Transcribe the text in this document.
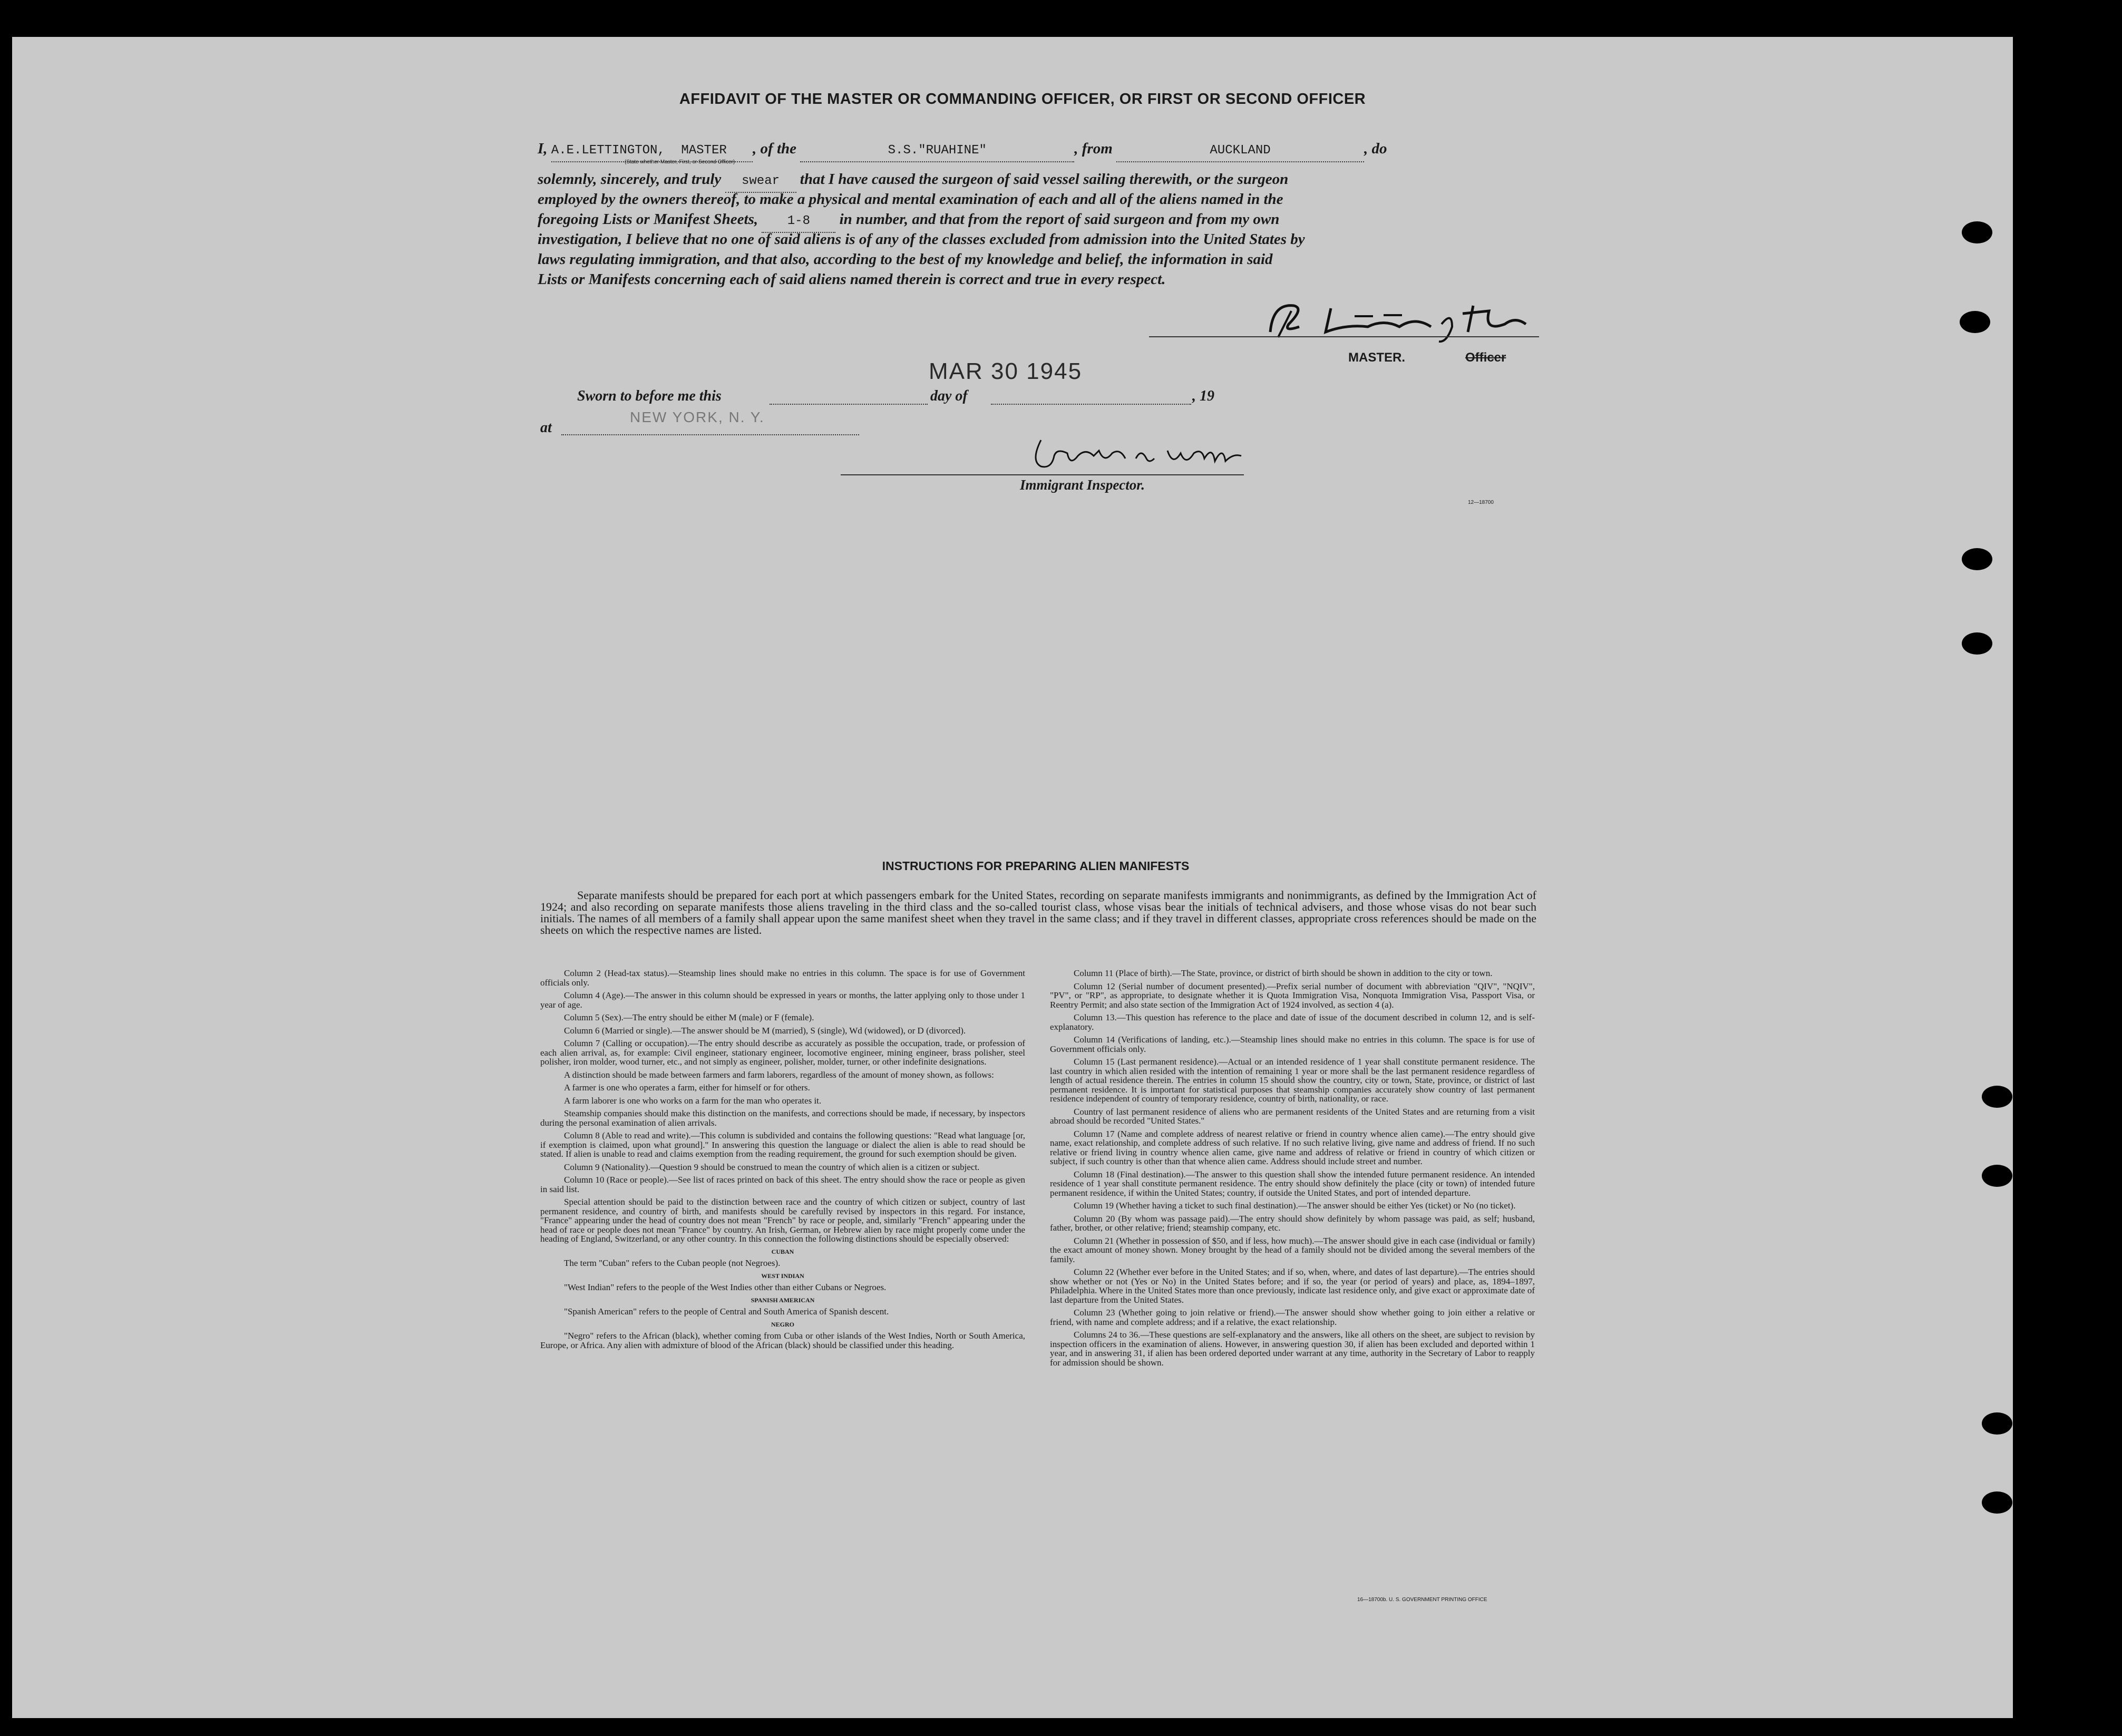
AFFIDAVIT OF THE MASTER OR COMMANDING OFFICER, OR FIRST OR SECOND OFFICER
I, A.E.LETTINGTON, MASTER , of the	S.S."RUAHINE"	, from	AUCKLAND	, do
(State whether Master, First, or Second Officer)
solemnly, sincerely, and truly swear that I have caused the surgeon of said vessel sailing therewith, or the surgeon
employed by the owners thereof, to make a physical and mental examination of each and all of the aliens named in the
foregoing Lists or Manifest Sheets, 1-8 in number, and that from the report of said surgeon and from my own
investigation, I believe that no one of said aliens is of any of the classes excluded from admission into the United States by
laws regulating immigration, and that also, according to the best of my knowledge and belief, the information in said
Lists or Manifests concerning each of said aliens named therein is correct and true in every respect.
MASTER.	Officer
MAR 30 1945
Sworn to before me this	day of	, 19
at
NEW YORK, N. Y.
Immigrant Inspector.
12—18700
INSTRUCTIONS FOR PREPARING ALIEN MANIFESTS
Separate manifests should be prepared for each port at which passengers embark for the United States, recording on separate manifests immigrants and nonimmigrants, as defined by the Immigration Act of 1924; and also recording on separate manifests those aliens traveling in the third class and the so-called tourist class, whose visas bear the initials of technical advisers, and those whose visas do not bear such initials. The names of all members of a family shall appear upon the same manifest sheet when they travel in the same class; and if they travel in different classes, appropriate cross references should be made on the sheets on which the respective names are listed.

Column 2 (Head-tax status).—Steamship lines should make no entries in this column. The space is for use of Government officials only.

Column 4 (Age).—The answer in this column should be expressed in years or months, the latter applying only to those under 1 year of age.

Column 5 (Sex).—The entry should be either M (male) or F (female).

Column 6 (Married or single).—The answer should be M (married), S (single), Wd (widowed), or D (divorced).

Column 7 (Calling or occupation).—The entry should describe as accurately as possible the occupation, trade, or profession of each alien arrival, as, for example: Civil engineer, stationary engineer, locomotive engineer, mining engineer, brass polisher, steel polisher, iron molder, wood turner, etc., and not simply as engineer, polisher, molder, turner, or other indefinite designations.

A distinction should be made between farmers and farm laborers, regardless of the amount of money shown, as follows:

A farmer is one who operates a farm, either for himself or for others.

A farm laborer is one who works on a farm for the man who operates it.

Steamship companies should make this distinction on the manifests, and corrections should be made, if necessary, by inspectors during the personal examination of alien arrivals.

Column 8 (Able to read and write).—This column is subdivided and contains the following questions: "Read what language [or, if exemption is claimed, upon what ground]." In answering this question the language or dialect the alien is able to read should be stated. If alien is unable to read and claims exemption from the reading requirement, the ground for such exemption should be given.

Column 9 (Nationality).—Question 9 should be construed to mean the country of which alien is a citizen or subject.

Column 10 (Race or people).—See list of races printed on back of this sheet. The entry should show the race or people as given in said list.

Special attention should be paid to the distinction between race and the country of which citizen or subject, country of last permanent residence, and country of birth, and manifests should be carefully revised by inspectors in this regard. For instance, "France" appearing under the head of country does not mean "French" by race or people, and, similarly "French" appearing under the head of race or people does not mean "France" by country. An Irish, German, or Hebrew alien by race might properly come under the heading of England, Switzerland, or any other country. In this connection the following distinctions should be especially observed:

CUBAN

The term "Cuban" refers to the Cuban people (not Negroes).

WEST INDIAN

"West Indian" refers to the people of the West Indies other than either Cubans or Negroes.

SPANISH AMERICAN

"Spanish American" refers to the people of Central and South America of Spanish descent.

NEGRO

"Negro" refers to the African (black), whether coming from Cuba or other islands of the West Indies, North or South America, Europe, or Africa. Any alien with admixture of blood of the African (black) should be classified under this heading.

Column 11 (Place of birth).—The State, province, or district of birth should be shown in addition to the city or town.

Column 12 (Serial number of document presented).—Prefix serial number of document with abbreviation "QIV", "NQIV", "PV", or "RP", as appropriate, to designate whether it is Quota Immigration Visa, Nonquota Immigration Visa, Passport Visa, or Reentry Permit; and also state section of the Immigration Act of 1924 involved, as section 4 (a).

Column 13.—This question has reference to the place and date of issue of the document described in column 12, and is self-explanatory.

Column 14 (Verifications of landing, etc.).—Steamship lines should make no entries in this column. The space is for use of Government officials only.

Column 15 (Last permanent residence).—Actual or an intended residence of 1 year shall constitute permanent residence. The last country in which alien resided with the intention of remaining 1 year or more shall be the last permanent residence regardless of length of actual residence therein. The entries in column 15 should show the country, city or town, State, province, or district of last permanent residence. It is important for statistical purposes that steamship companies accurately show country of last permanent residence independent of country of temporary residence, country of birth, nationality, or race.

Country of last permanent residence of aliens who are permanent residents of the United States and are returning from a visit abroad should be recorded "United States."

Column 17 (Name and complete address of nearest relative or friend in country whence alien came).—The entry should give name, exact relationship, and complete address of such relative. If no such relative living, give name and address of friend. If no such relative or friend living in country whence alien came, give name and address of relative or friend in country of which citizen or subject, if such country is other than that whence alien came. Address should include street and number.

Column 18 (Final destination).—The answer to this question shall show the intended future permanent residence. An intended residence of 1 year shall constitute permanent residence. The entry should show definitely the place (city or town) of intended future permanent residence, if within the United States; country, if outside the United States, and port of intended departure.

Column 19 (Whether having a ticket to such final destination).—The answer should be either Yes (ticket) or No (no ticket).

Column 20 (By whom was passage paid).—The entry should show definitely by whom passage was paid, as self; husband, father, brother, or other relative; friend; steamship company, etc.

Column 21 (Whether in possession of $50, and if less, how much).—The answer should give in each case (individual or family) the exact amount of money shown. Money brought by the head of a family should not be divided among the several members of the family.

Column 22 (Whether ever before in the United States; and if so, when, where, and dates of last departure).—The entries should show whether or not (Yes or No) in the United States before; and if so, the year (or period of years) and place, as, 1894–1897, Philadelphia. Where in the United States more than once previously, indicate last residence only, and give exact or approximate date of last departure from the United States.

Column 23 (Whether going to join relative or friend).—The answer should show whether going to join either a relative or friend, with name and complete address; and if a relative, the exact relationship.

Columns 24 to 36.—These questions are self-explanatory and the answers, like all others on the sheet, are subject to revision by inspection officers in the examination of aliens. However, in answering question 30, if alien has been excluded and deported within 1 year, and in answering 31, if alien has been ordered deported under warrant at any time, authority in the Secretary of Labor to reapply for admission should be shown.

16—18700b. U. S. GOVERNMENT PRINTING OFFICE
